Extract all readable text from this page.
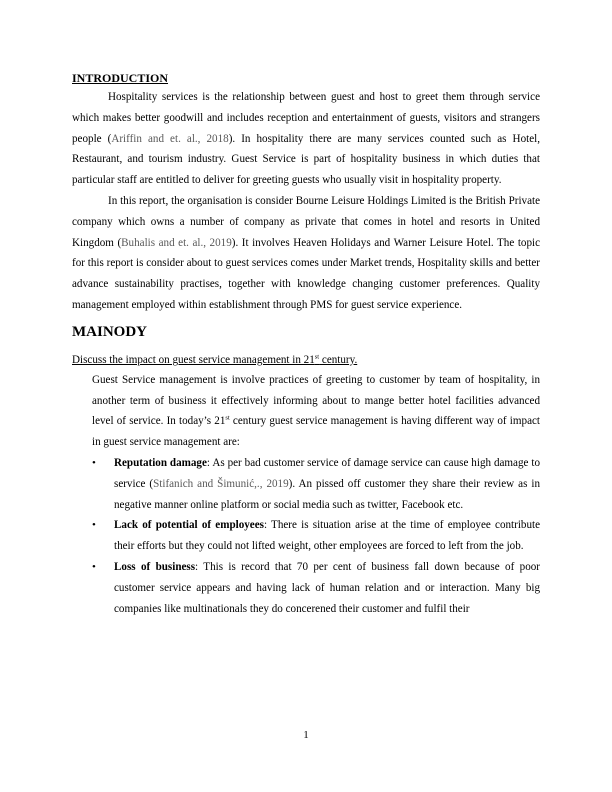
INTRODUCTION

Hospitality services is the relationship between guest and host to greet them through service which makes better goodwill and includes reception and entertainment of guests, visitors and strangers people (Ariffin and et. al., 2018). In hospitality there are many services counted such as Hotel, Restaurant, and tourism industry. Guest Service is part of hospitality business in which duties that particular staff are entitled to deliver for greeting guests who usually visit in hospitality property.

In this report, the organisation is consider Bourne Leisure Holdings Limited is the British Private company which owns a number of company as private that comes in hotel and resorts in United Kingdom (Buhalis and et. al., 2019). It involves Heaven Holidays and Warner Leisure Hotel. The topic for this report is consider about to guest services comes under Market trends, Hospitality skills and better advance sustainability practises, together with knowledge changing customer preferences. Quality management employed within establishment through PMS for guest service experience.

MAINODY

Discuss the impact on guest service management in 21st century.

Guest Service management is involve practices of greeting to customer by team of hospitality, in another term of business it effectively informing about to mange better hotel facilities advanced level of service. In today’s 21st century guest service management is having different way of impact in guest service management are:

• Reputation damage: As per bad customer service of damage service can cause high damage to service (Stifanich and Šimunić,., 2019). An pissed off customer they share their review as in negative manner online platform or social media such as twitter, Facebook etc.
• Lack of potential of employees: There is situation arise at the time of employee contribute their efforts but they could not lifted weight, other employees are forced to left from the job.
• Loss of business: This is record that 70 per cent of business fall down because of poor customer service appears and having lack of human relation and or interaction. Many big companies like multinationals they do concerened their customer and fulfil their
1
